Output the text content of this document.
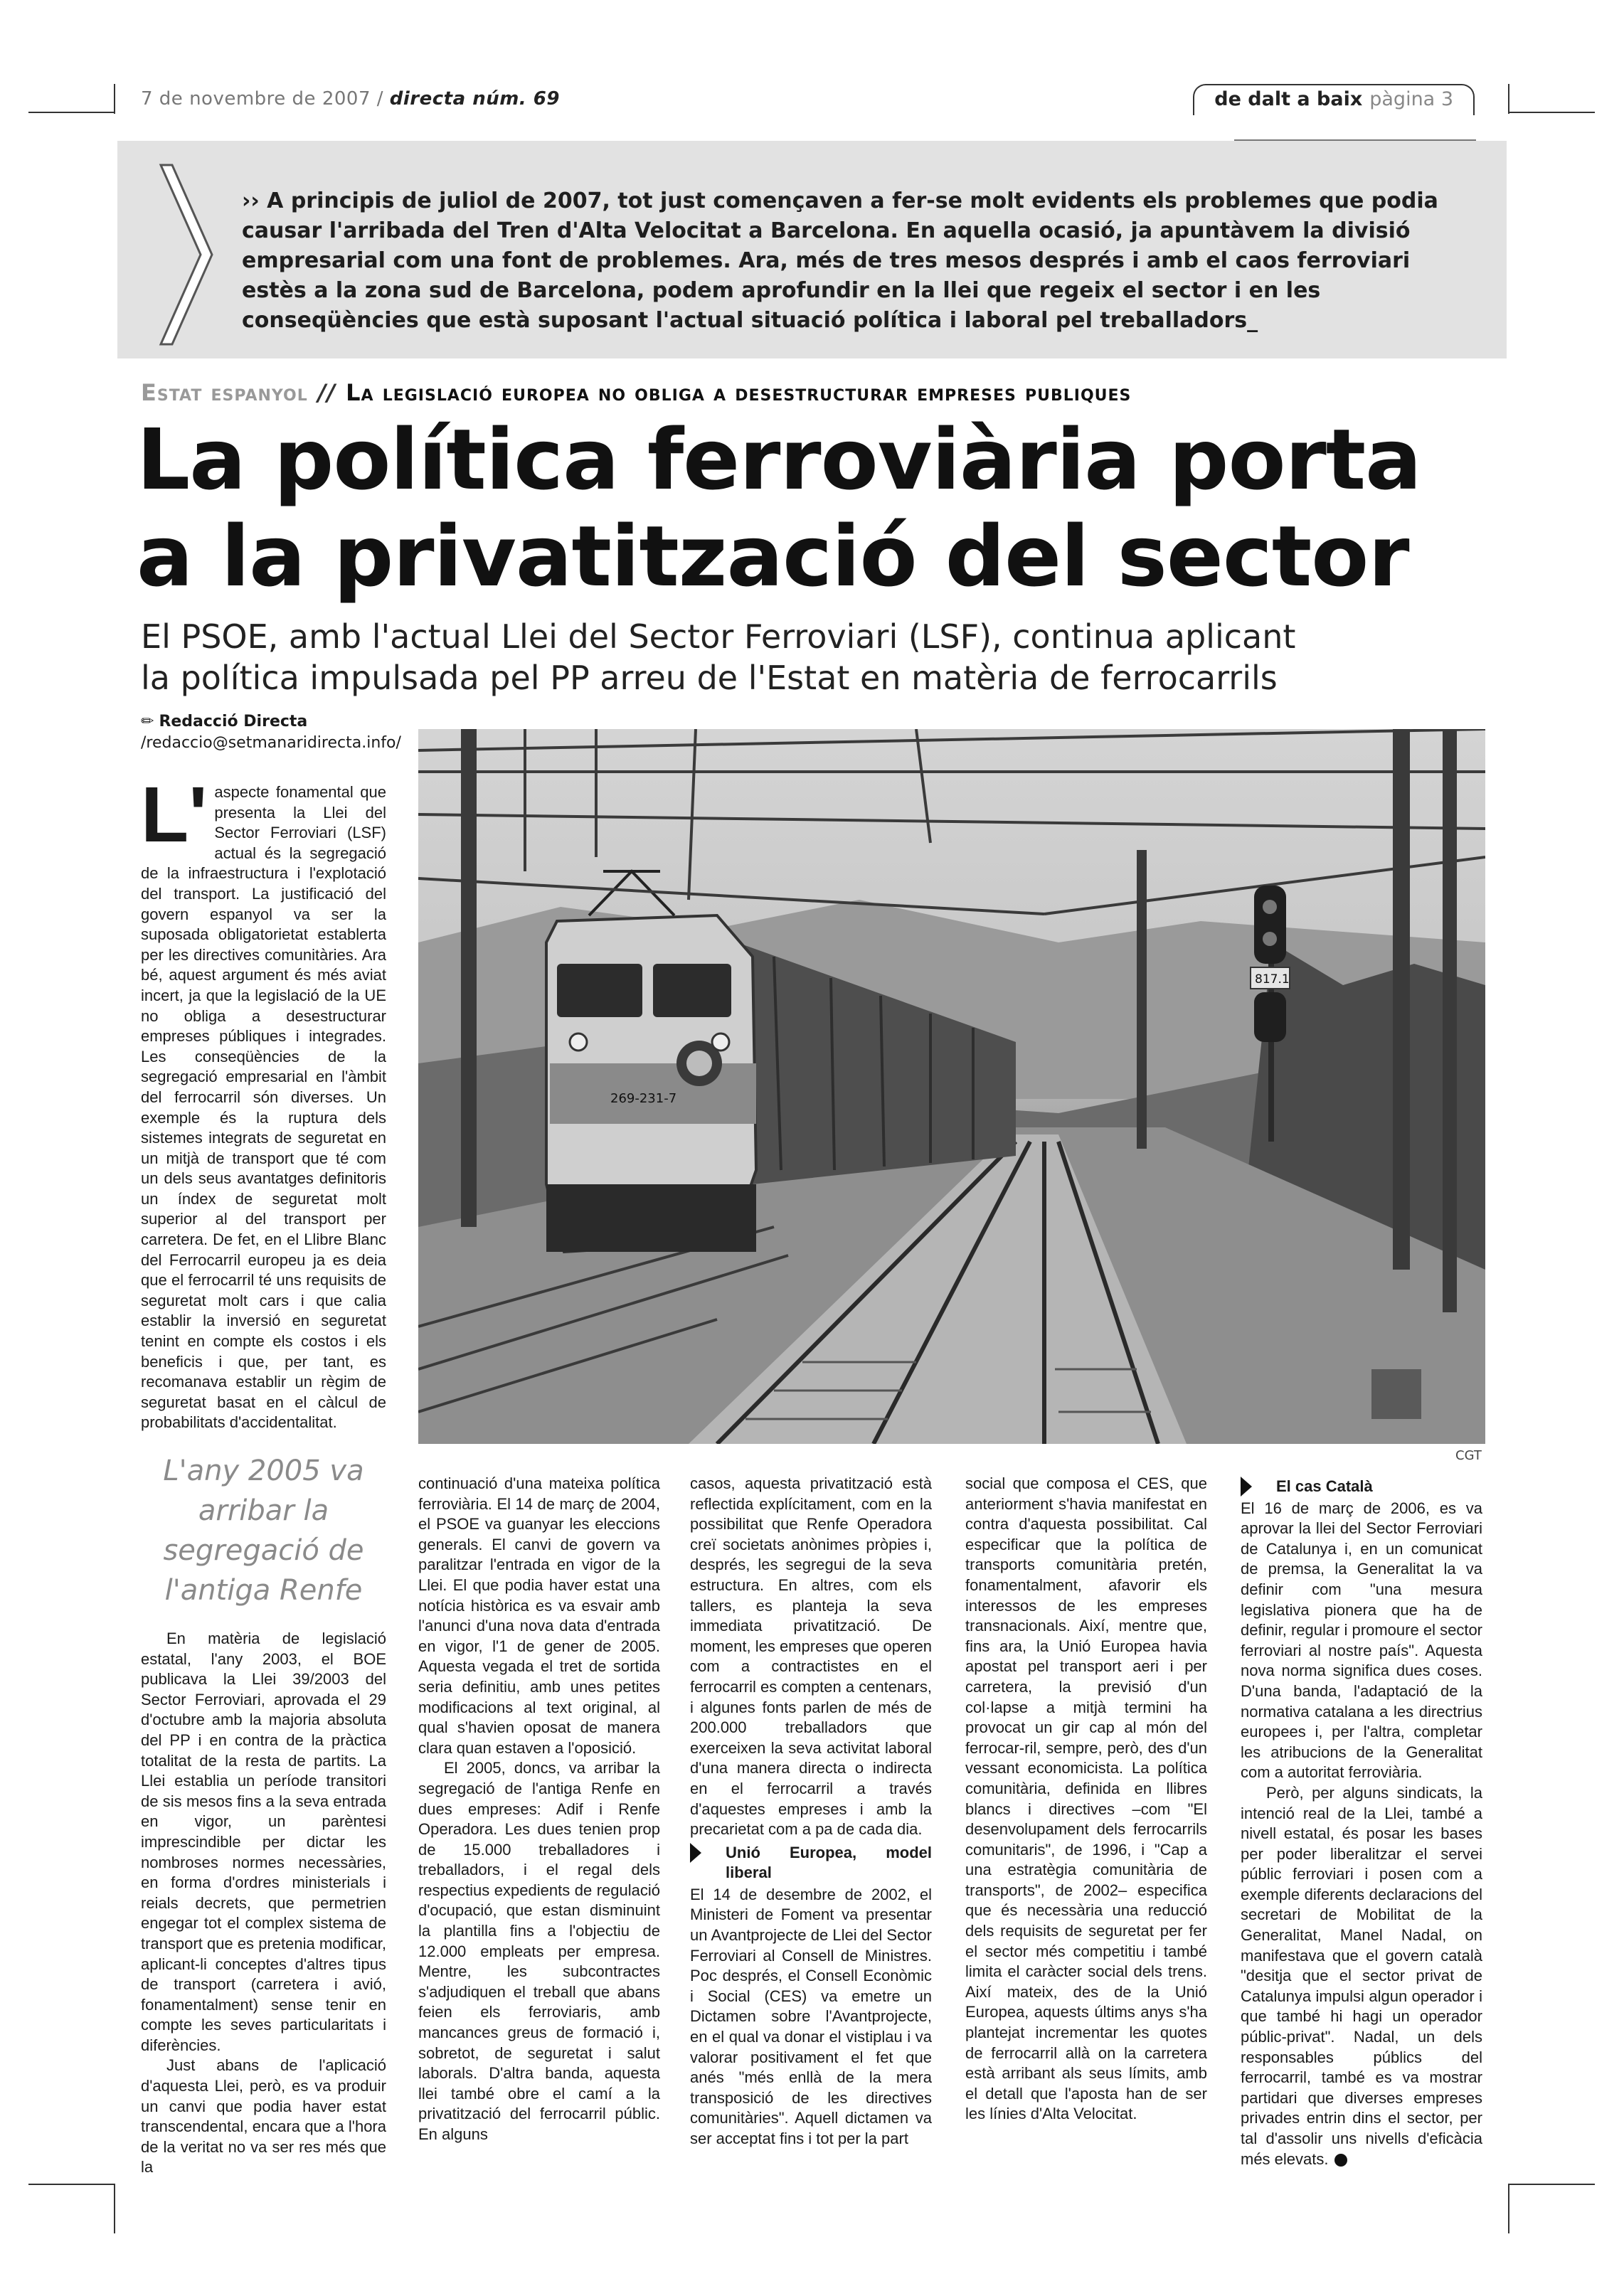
7 de novembre de 2007 / directa núm. 69	de dalt a baix pàgina 3
›› A principis de juliol de 2007, tot just començaven a fer-se molt evidents els problemes que podia causar l'arribada del Tren d'Alta Velocitat a Barcelona. En aquella ocasió, ja apuntàvem la divisió empresarial com una font de problemes. Ara, més de tres mesos després i amb el caos ferroviari estès a la zona sud de Barcelona, podem aprofundir en la llei que regeix el sector i en les conseqüències que està suposant l'actual situació política i laboral pel treballadors_
Estat espanyol // La legislació europea no obliga a desestructurar empreses publiques
La política ferroviària porta
a la privatització del sector
El PSOE, amb l'actual Llei del Sector Ferroviari (LSF), continua aplicant
la política impulsada pel PP arreu de l'Estat en matèria de ferrocarrils
✏ Redacció Directa
/redaccio@setmanaridirecta.info/
269-231-7
817.1
CGT
L' aspecte fonamental que presenta la Llei del Sector Ferroviari (LSF) actual és la segregació de la infraestructura i l'explotació del transport. La justificació del govern espanyol va ser la suposada obligatorietat establerta per les directives comunitàries. Ara bé, aquest argument és més aviat incert, ja que la legislació de la UE no obliga a desestructurar empreses públiques i integrades. Les conseqüències de la segregació empresarial en l'àmbit del ferrocarril són diverses. Un exemple és la ruptura dels sistemes integrats de seguretat en un mitjà de transport que té com un dels seus avantatges definitoris un índex de seguretat molt superior al del transport per carretera. De fet, en el Llibre Blanc del Ferrocarril europeu ja es deia que el ferrocarril té uns requisits de seguretat molt cars i que calia establir la inversió en seguretat tenint en compte els costos i els beneficis i que, per tant, es recomanava establir un règim de seguretat basat en el càlcul de probabilitats d'accidentalitat.
L'any 2005 va arribar la segregació de l'antiga Renfe

En matèria de legislació estatal, l'any 2003, el BOE publicava la Llei 39/2003 del Sector Ferroviari, aprovada el 29 d'octubre amb la majoria absoluta del PP i en contra de la pràctica totalitat de la resta de partits. La Llei establia un període transitori de sis mesos fins a la seva entrada en vigor, un parèntesi imprescindible per dictar les nombroses normes necessàries, en forma d'ordres ministerials i reials decrets, que permetrien engegar tot el complex sistema de transport que es pretenia modificar, aplicant-li conceptes d'altres tipus de transport (carretera i avió, fonamentalment) sense tenir en compte les seves particularitats i diferències.

Just abans de l'aplicació d'aquesta Llei, però, es va produir un canvi que podia haver estat transcendental, encara que a l'hora de la veritat no va ser res més que la

continuació d'una mateixa política ferroviària. El 14 de març de 2004, el PSOE va guanyar les eleccions generals. El canvi de govern va paralitzar l'entrada en vigor de la Llei. El que podia haver estat una notícia històrica es va esvair amb l'anunci d'una nova data d'entrada en vigor, l'1 de gener de 2005. Aquesta vegada el tret de sortida seria definitiu, amb unes petites modificacions al text original, al qual s'havien oposat de manera clara quan estaven a l'oposició.

El 2005, doncs, va arribar la segregació de l'antiga Renfe en dues empreses: Adif i Renfe Operadora. Les dues tenien prop de 15.000 treballadores i treballadors, i el regal dels respectius expedients de regulació d'ocupació, que estan disminuint la plantilla fins a l'objectiu de 12.000 empleats per empresa. Mentre, les subcontractes s'adjudiquen el treball que abans feien els ferroviaris, amb mancances greus de formació i, sobretot, de seguretat i salut laborals. D'altra banda, aquesta llei també obre el camí a la privatització del ferrocarril públic. En alguns

casos, aquesta privatització està reflectida explícitament, com en la possibilitat que Renfe Operadora creï societats anònimes pròpies i, després, les segregui de la seva estructura. En altres, com els tallers, es planteja la seva immediata privatització. De moment, les empreses que operen com a contractistes en el ferrocarril es compten a centenars, i algunes fonts parlen de més de 200.000 treballadors que exerceixen la seva activitat laboral d'una manera directa o indirecta en el ferrocarril a través d'aquestes empreses i amb la precarietat com a pa de cada dia.

Unió Europea, model liberal

El 14 de desembre de 2002, el Ministeri de Foment va presentar un Avantprojecte de Llei del Sector Ferroviari al Consell de Ministres. Poc després, el Consell Econòmic i Social (CES) va emetre un Dictamen sobre l'Avantprojecte, en el qual va donar el vistiplau i va valorar positivament el fet que anés "més enllà de la mera transposició de les directives comunitàries". Aquell dictamen va ser acceptat fins i tot per la part

social que composa el CES, que anteriorment s'havia manifestat en contra d'aquesta possibilitat. Cal especificar que la política de transports comunitària pretén, fonamentalment, afavorir els interessos de les empreses transnacionals. Així, mentre que, fins ara, la Unió Europea havia apostat pel transport aeri i per carretera, la previsió d'un col·lapse a mitjà termini ha provocat un gir cap al món del ferrocar-ril, sempre, però, des d'un vessant economicista. La política comunitària, definida en llibres blancs i directives –com "El desenvolupament dels ferrocarrils comunitaris", de 1996, i "Cap a una estratègia comunitària de transports", de 2002– especifica que és necessària una reducció dels requisits de seguretat per fer el sector més competitiu i també limita el caràcter social dels trens. Així mateix, des de la Unió Europea, aquests últims anys s'ha plantejat incrementar les quotes de ferrocarril allà on la carretera està arribant als seus límits, amb el detall que l'aposta han de ser les línies d'Alta Velocitat.

El cas Català

El 16 de març de 2006, es va aprovar la llei del Sector Ferroviari de Catalunya i, en un comunicat de premsa, la Generalitat la va definir com "una mesura legislativa pionera que ha de definir, regular i promoure el sector ferroviari al nostre país". Aquesta nova norma significa dues coses. D'una banda, l'adaptació de la normativa catalana a les directrius europees i, per l'altra, completar les atribucions de la Generalitat com a autoritat ferroviària.

Però, per alguns sindicats, la intenció real de la Llei, també a nivell estatal, és posar les bases per poder liberalitzar el servei públic ferroviari i posen com a exemple diferents declaracions del secretari de Mobilitat de la Generalitat, Manel Nadal, on manifestava que el govern català "desitja que el sector privat de Catalunya impulsi algun operador i que també hi hagi un operador públic-privat". Nadal, un dels responsables públics del ferrocarril, també es va mostrar partidari que diverses empreses privades entrin dins el sector, per tal d'assolir uns nivells d'eficàcia més elevats.
